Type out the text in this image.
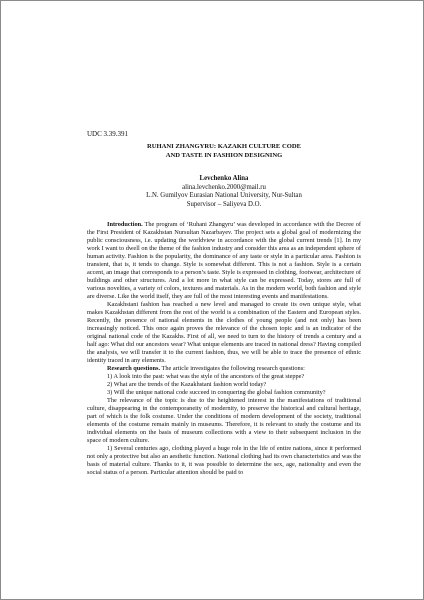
UDC 3.39.391
RUHANI ZHANGYRU: KAZAKH CULTURE CODE
AND TASTE IN FASHION DESIGNING
Levchenko Alina
alina.levchenko.2000@mail.ru
L.N. Gumilyov Eurasian National University, Nur-Sultan
Supervisor – Saliyeva D.O.

Introduction. The program of ‘Ruhani Zhangyru’ was developed in accordance with the Decree of the First President of Kazakhstan Nursultan Nazarbayev. The project sets a global goal of modernizing the public consciousness, i.e. updating the worldview in accordance with the global current trends [1]. In my work I want to dwell on the theme of the fashion industry and consider this area as an independent sphere of human activity. Fashion is the popularity, the dominance of any taste or style in a particular area. Fashion is transient, that is, it tends to change. Style is somewhat different. This is not a fashion. Style is a certain accent, an image that corresponds to a person’s taste. Style is expressed in clothing, footwear, architecture of buildings and other structures. And a lot more in what style can be expressed. Today, stores are full of various novelties, a variety of colors, textures and materials. As in the modern world, both fashion and style are diverse. Like the world itself, they are full of the most interesting events and manifestations.

Kazakhstani fashion has reached a new level and managed to create its own unique style, what makes Kazakhstan different from the rest of the world is a combination of the Eastern and European styles. Recently, the presence of national elements in the clothes of young people (and not only) has been increasingly noticed. This once again proves the relevance of the chosen topic and is an indicator of the original national code of the Kazakhs. First of all, we need to turn to the history of trends a century and a half ago: What did our ancestors wear? What unique elements are traced in national dress? Having compiled the analysis, we will transfer it to the current fashion, thus, we will be able to trace the presence of ethnic identity traced in any elements.

Research questions. The article investigates the following research questions:

1) A look into the past: what was the style of the ancestors of the great steppe?

2) What are the trends of the Kazakhstani fashion world today?

3) Will the unique national code succeed in conquering the global fashion community?

The relevance of the topic is due to the heightened interest in the manifestations of traditional culture, disappearing in the contemporaneity of modernity, to preserve the historical and cultural heritage, part of which is the folk costume. Under the conditions of modern development of the society, traditional elements of the costume remain mainly in museums. Therefore, it is relevant to study the costume and its individual elements on the basis of museum collections with a view to their subsequent inclusion in the space of modern culture.

1) Several centuries ago, clothing played a huge role in the life of entire nations, since it performed not only a protective but also an aesthetic function. National clothing had its own characteristics and was the basis of material culture. Thanks to it, it was possible to determine the sex, age, nationality and even the social status of a person. Particular attention should be paid to
